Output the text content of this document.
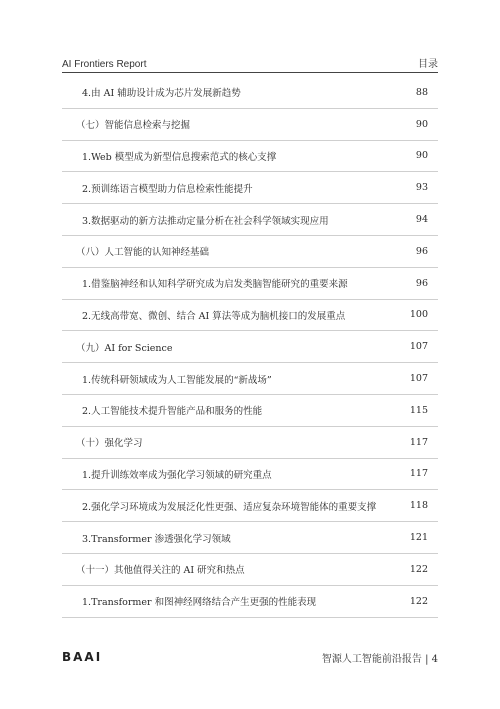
AI Frontiers Report	目录
4.由 AI 辅助设计成为芯片发展新趋势	88
（七）智能信息检索与挖掘	90
1.Web 模型成为新型信息搜索范式的核心支撑	90
2.预训练语言模型助力信息检索性能提升	93
3.数据驱动的新方法推动定量分析在社会科学领域实现应用	94
（八）人工智能的认知神经基础	96
1.借鉴脑神经和认知科学研究成为启发类脑智能研究的重要来源	96
2.无线高带宽、微创、结合 AI 算法等成为脑机接口的发展重点	100
（九）AI for Science	107
1.传统科研领域成为人工智能发展的“新战场”	107
2.人工智能技术提升智能产品和服务的性能	115
（十）强化学习	117
1.提升训练效率成为强化学习领域的研究重点	117
2.强化学习环境成为发展泛化性更强、适应复杂环境智能体的重要支撑	118
3.Transformer 渗透强化学习领域	121
（十一）其他值得关注的 AI 研究和热点	122
1.Transformer 和图神经网络结合产生更强的性能表现	122
BAAI	智源人工智能前沿报告 | 4
